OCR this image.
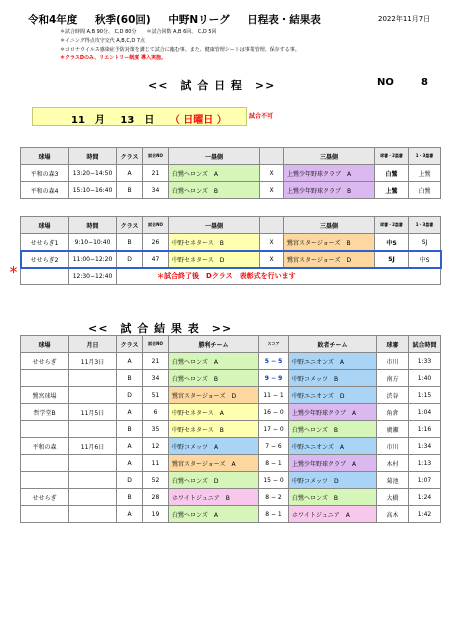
令和4年度 秋季(60回) 中野Nリーグ 日程表・結果表	2022年11月7日
＊試合時間 A,B 90分、 C,D 80分　　＊試合回数 A,B 6回、 C,D 5回
＊イニング得点攻守交代 A,B,C,D 7点
＊コロナウイルス感染症予防対策を講じて試合に臨む事。また、健康管理シートは事業管理、保存する事。
＊クラスDのみ、リエントリー制度 導入実施。
<<　試 合 日 程　>>	NO	8
11　月 13　日 （ 日曜日 ）	試合不可
球場	時間	クラス	試合NO	一塁側		三塁側	球審・2塁審	1・3塁審
平和の森3	13:20−14:50	A	21	白鷺ヘロンズ　A	X	上鷺少年野球クラブ　A	白鷺	上鷺
平和の森4	15:10−16:40	B	34	白鷺ヘロンズ　B	X	上鷺少年野球クラブ　B	上鷺	白鷺
＊
球場	時間	クラス	試合NO	一塁側		三塁側	球審・2塁審	1・3塁審
せせらぎ1	9:10−10:40	B	26	中野セネタース　B	X	鷺宮スタージョーズ　B	中S	SJ
せせらぎ2	11:00−12:20	D	47	中野セネタース　D	X	鷺宮スタージョーズ　D	SJ	中S
	12:30−12:40	＊試合終了後　Dクラス　表彰式を行います						
<<　試 合 結 果 表　>>
球場	月日	クラス	試合NO	勝利チーム	スコア	敗者チーム	球審	試合時間
せせらぎ	11月3日	A	21	白鷺ヘロンズ　A	5 − 5	中野ユニオンズ　A	市川	1:33
		B	34	白鷺ヘロンズ　B	9 − 9	中野コメッツ　B	南方	1:40
鷺宮球場		D	51	鷺宮スタージョーズ　D	11 − 1	中野ユニオンズ　D	渋谷	1:15
哲学堂B	11月5日	A	6	中野セネタース　A	16 − 0	上鷺少年野球クラブ　A	角倉	1:04
		B	35	中野セネタース　B	17 − 0	白鷺ヘロンズ　B	廣瀬	1:16
平和の森	11月6日	A	12	中野コメッツ　A	7 − 6	中野ユニオンズ　A	市川	1:34
		A	11	鷺宮スタージョーズ　A	8 − 1	上鷺少年野球クラブ　A	木村	1:13
		D	52	白鷺ヘロンズ　D	15 − 0	中野コメッツ　D	菊池	1:07
せせらぎ		B	28	ホワイトジュニア　B	8 − 2	白鷺ヘロンズ　B	大橋	1:24
		A	19	白鷺ヘロンズ　A	8 − 1	ホワイトジュニア　A	高木	1:42
